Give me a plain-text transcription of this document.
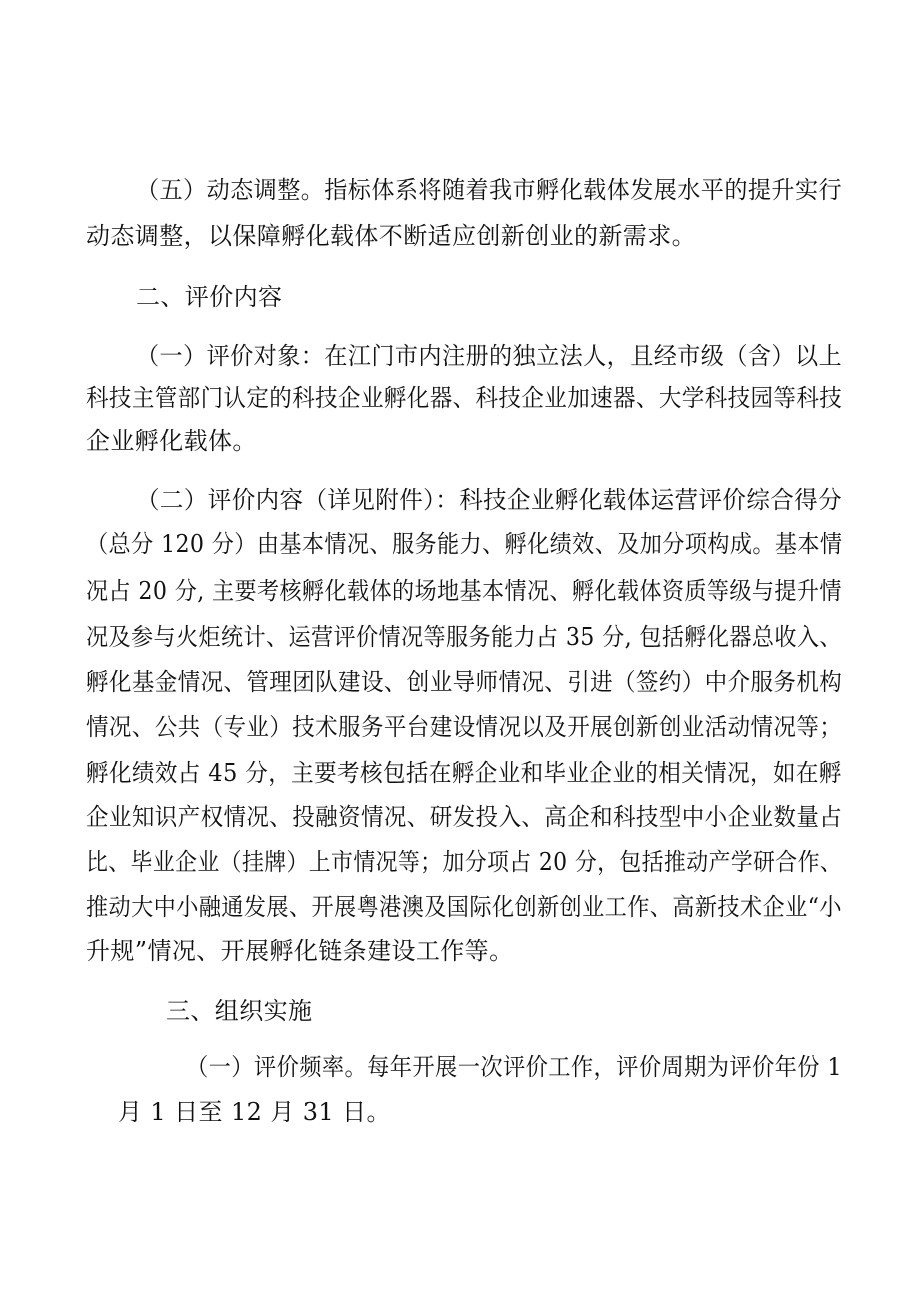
（五）动态调整。指标体系将随着我市孵化载体发展水平的提升实行
动态调整，以保障孵化载体不断适应创新创业的新需求。
二、评价内容
（一）评价对象：在江门市内注册的独立法人，且经市级（含）以上
科技主管部门认定的科技企业孵化器、科技企业加速器、大学科技园等科技
企业孵化载体。
（二）评价内容（详见附件）：科技企业孵化载体运营评价综合得分
（总分 120 分）由基本情况、服务能力、孵化绩效、及加分项构成。基本情
况占 20 分, 主要考核孵化载体的场地基本情况、孵化载体资质等级与提升情
况及参与火炬统计、运营评价情况等服务能力占 35 分, 包括孵化器总收入、
孵化基金情况、管理团队建设、创业导师情况、引进（签约）中介服务机构
情况、公共（专业）技术服务平台建设情况以及开展创新创业活动情况等；
孵化绩效占 45 分，主要考核包括在孵企业和毕业企业的相关情况，如在孵
企业知识产权情况、投融资情况、研发投入、高企和科技型中小企业数量占
比、毕业企业（挂牌）上市情况等；加分项占 20 分，包括推动产学研合作、
推动大中小融通发展、开展粤港澳及国际化创新创业工作、高新技术企业“小
升规”情况、开展孵化链条建设工作等。
三、组织实施
（一）评价频率。每年开展一次评价工作，评价周期为评价年份 1
月 1 日至 12 月 31 日。
